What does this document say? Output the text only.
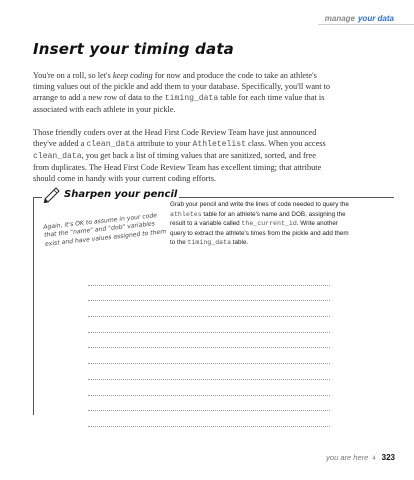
manage your data
Insert your timing data

You're on a roll, so let's keep coding for now and produce the code to take an athlete's timing values out of the pickle and add them to your database. Specifically, you'll want to arrange to add a new row of data to the timing_data table for each time value that is associated with each athlete in your pickle.

Those friendly coders over at the Head First Code Review Team have just announced they've added a clean_data attribute to your Athletelist class. When you access clean_data, you get back a list of timing values that are sanitized, sorted, and free from duplicates. The Head First Code Review Team has excellent timing; that attribute should come in handy with your current coding efforts.

Sharpen your pencil

Grab your pencil and write the lines of code needed to query the athletes table for an athlete's name and DOB, assigning the result to a variable called the_current_id. Write another query to extract the athlete's times from the pickle and add them to the timing_data table.

Again, it's OK to assume in your code that the "name" and "dob" variables exist and have values assigned to them
you are here 4 323
